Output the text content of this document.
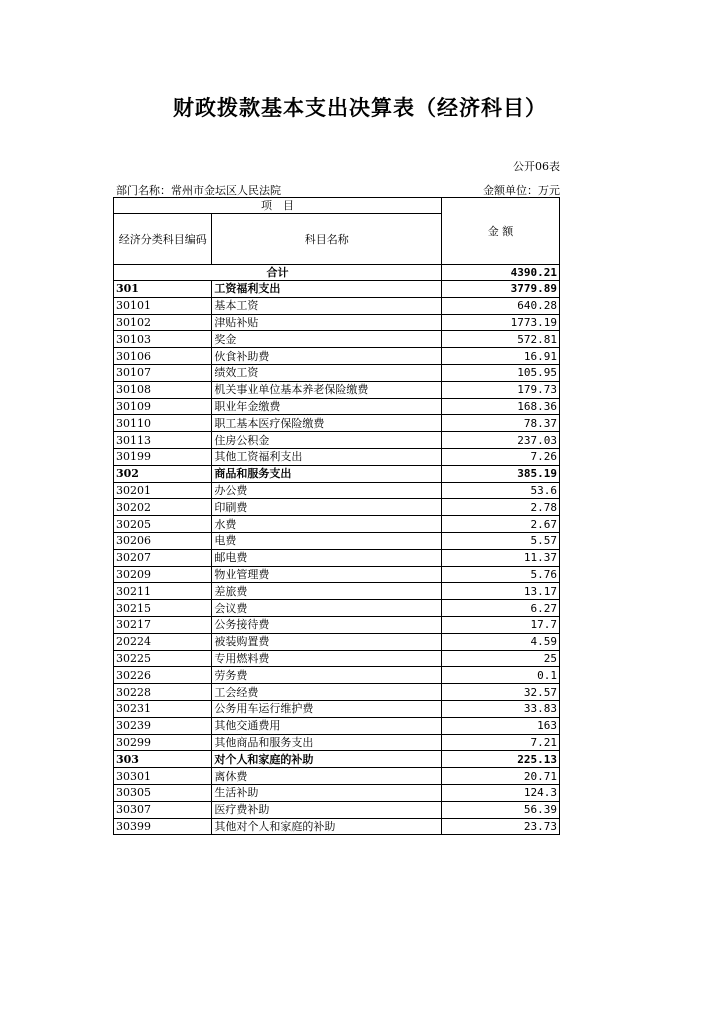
财政拨款基本支出决算表（经济科目）
公开06表
部门名称：常州市金坛区人民法院	金额单位：万元
项　目		金 额
经济分类科目编码	科目名称	
合计		4390.21
301	工资福利支出	3779.89
30101	基本工资	640.28
30102	津贴补贴	1773.19
30103	奖金	572.81
30106	伙食补助费	16.91
30107	绩效工资	105.95
30108	机关事业单位基本养老保险缴费	179.73
30109	职业年金缴费	168.36
30110	职工基本医疗保险缴费	78.37
30113	住房公积金	237.03
30199	其他工资福利支出	7.26
302	商品和服务支出	385.19
30201	办公费	53.6
30202	印刷费	2.78
30205	水费	2.67
30206	电费	5.57
30207	邮电费	11.37
30209	物业管理费	5.76
30211	差旅费	13.17
30215	会议费	6.27
30217	公务接待费	17.7
20224	被装购置费	4.59
30225	专用燃料费	25
30226	劳务费	0.1
30228	工会经费	32.57
30231	公务用车运行维护费	33.83
30239	其他交通费用	163
30299	其他商品和服务支出	7.21
303	对个人和家庭的补助	225.13
30301	离休费	20.71
30305	生活补助	124.3
30307	医疗费补助	56.39
30399	其他对个人和家庭的补助	23.73
